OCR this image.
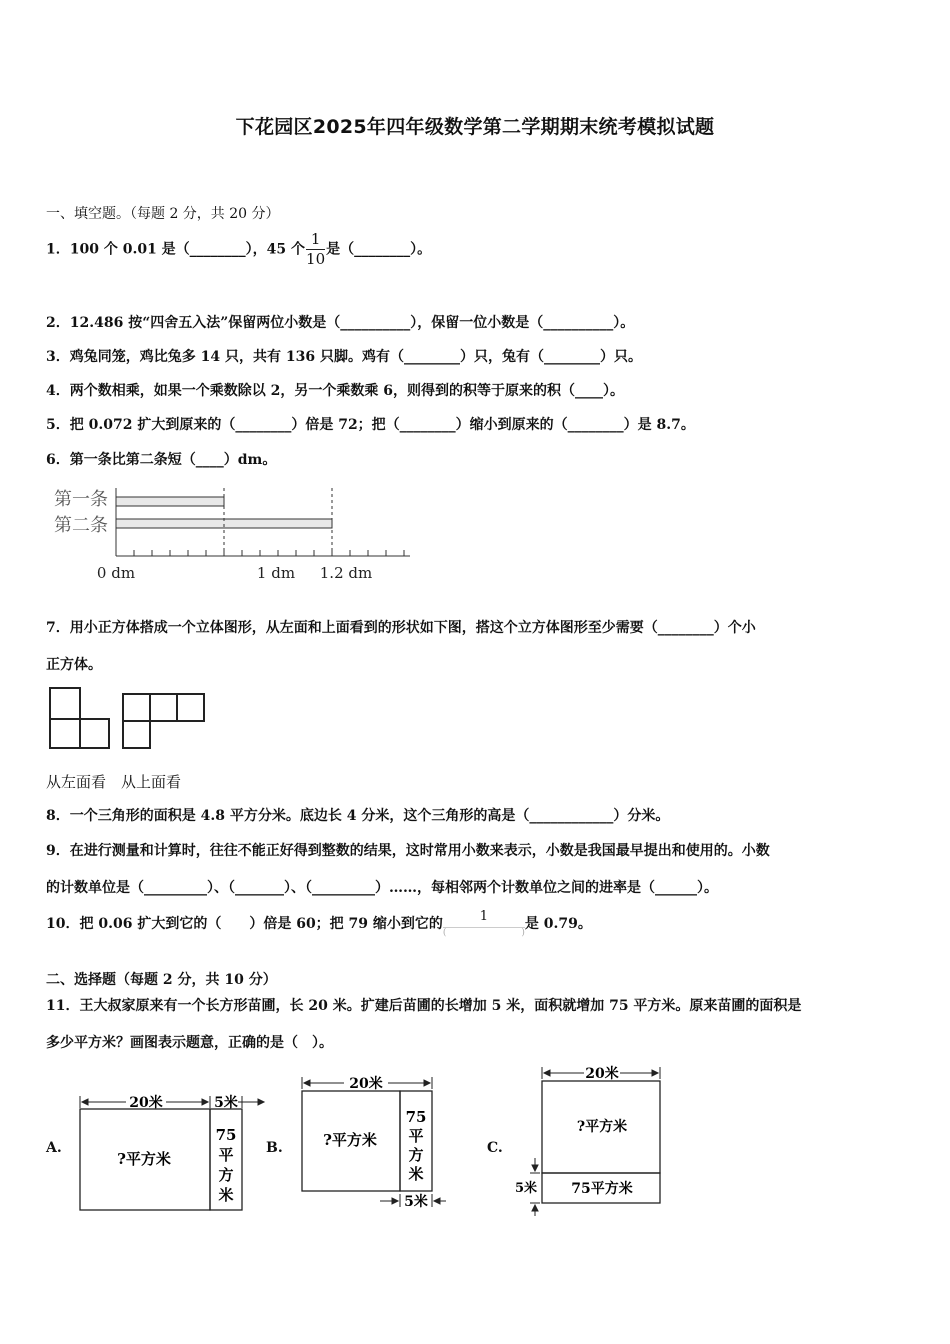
下花园区2025年四年级数学第二学期期末统考模拟试题
一、填空题。（每题 2 分，共 20 分）
1．100 个 0.01 是（________），45 个 $\frac{1}{10}$ 是（________）。
2．12.486 按“四舍五入法”保留两位小数是（__________），保留一位小数是（__________）。
3．鸡兔同笼，鸡比兔多 14 只，共有 136 只脚。鸡有（________）只，兔有（________）只。
4．两个数相乘，如果一个乘数除以 2，另一个乘数乘 6，则得到的积等于原来的积（____）。
5．把 0.072 扩大到原来的（________）倍是 72；把（________）缩小到原来的（________）是 8.7。
6．第一条比第二条短（____）dm。
第一条
第二条
0 dm	1 dm 1.2 dm
7．用小正方体搭成一个立体图形，从左面和上面看到的形状如下图，搭这个立方体图形至少需要（________）个小
正方体。
从左面看　从上面看
8．一个三角形的面积是 4.8 平方分米。底边长 4 分米，这个三角形的高是（____________）分米。
9．在进行测量和计算时，往往不能正好得到整数的结果，这时常用小数来表示，小数是我国最早提出和使用的。小数
的计数单位是（_________）、（_______）、（_________）……，每相邻两个计数单位之间的进率是（______）。
10．把 0.06 扩大到它的（　　）倍是 60；把 79 缩小到它的 1
(	) 是 0.79。
二、选择题（每题 2 分，共 10 分）
11．王大叔家原来有一个长方形苗圃，长 20 米。扩建后苗圃的长增加 5 米，面积就增加 75 平方米。原来苗圃的面积是
多少平方米？画图表示题意，正确的是（　）。
A.
20米	5米
?平方米
75
平
方
米
B.
20米
5米
?平方米
75
平
方
米
C.
20米
5米
?平方米
75平方米
